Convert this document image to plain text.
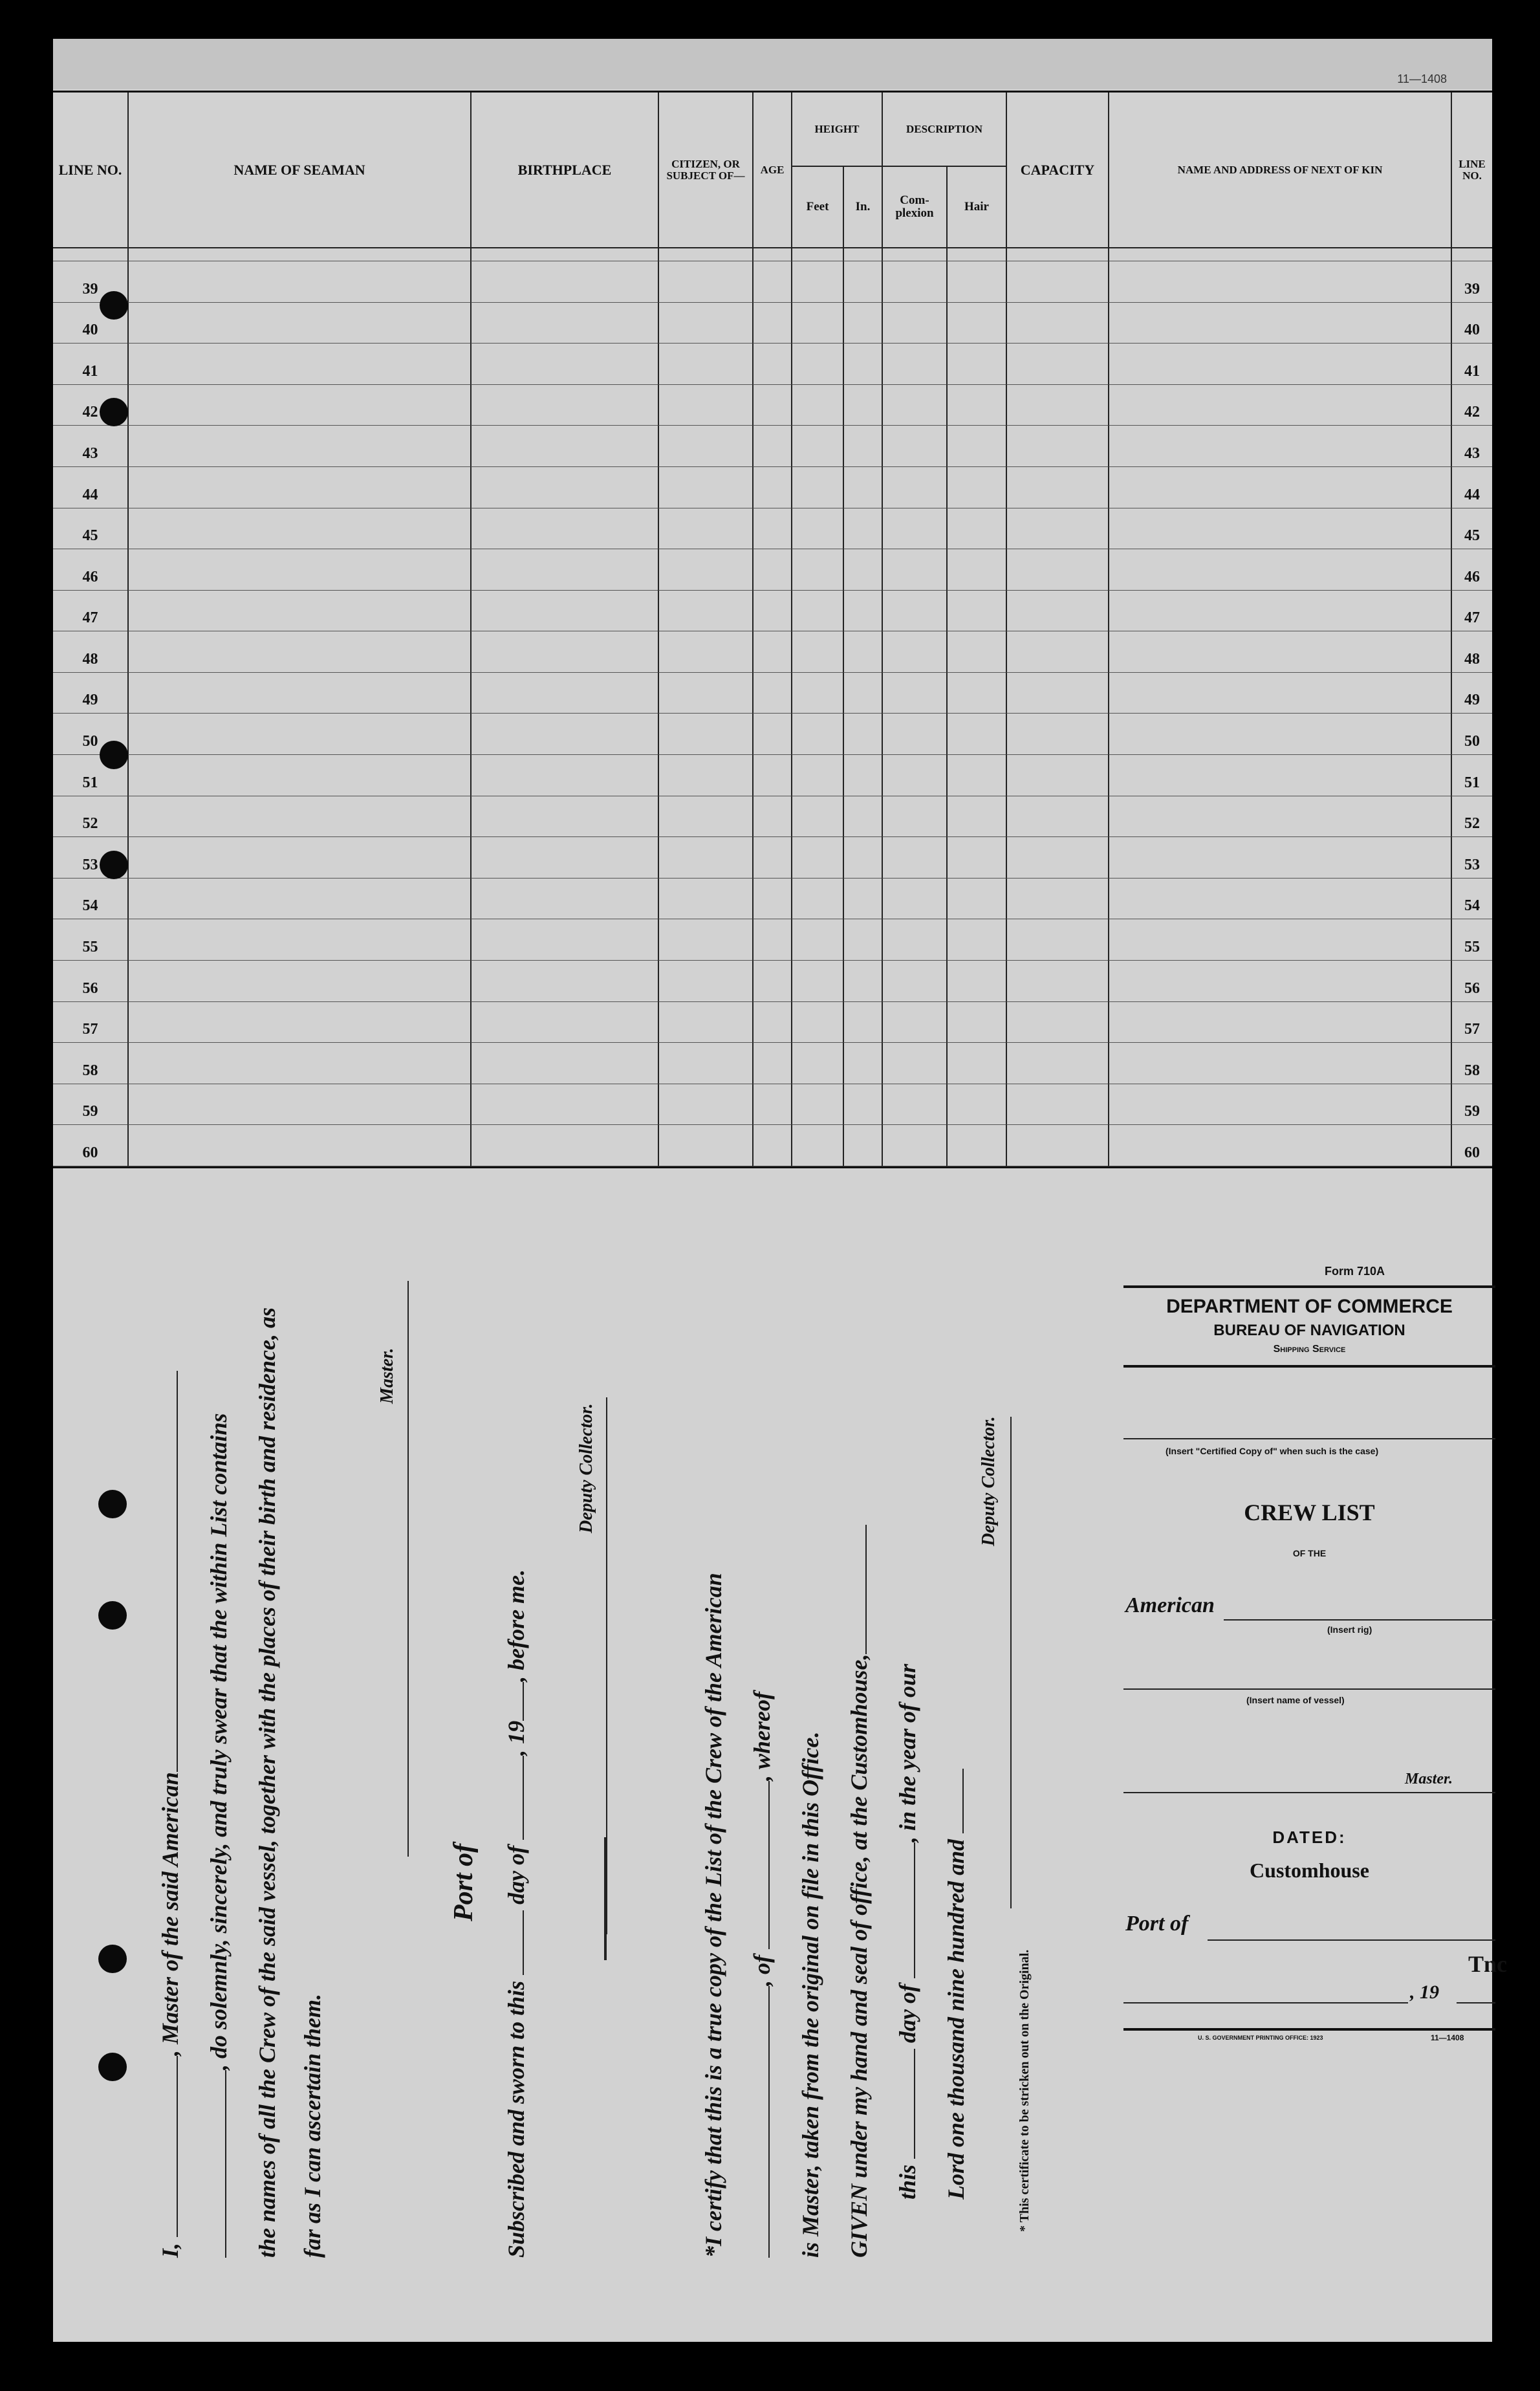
11—1408
LINE NO.	NAME OF SEAMAN	BIRTHPLACE	CITIZEN, OR SUBJECT OF—	AGE
HEIGHT
Feet	In.
DESCRIPTION
Com-plexion	Hair
CAPACITY	NAME AND ADDRESS OF NEXT OF KIN	LINE NO.
39	39
40	40
41	41
42	42
43	43
44	44
45	45
46	46
47	47
48	48
49	49
50	50
51	51
52	52
53	53
54	54
55	55
56	56
57	57
58	58
59	59
60	60
I, , Master of the said American , do solemnly, sincerely, and truly swear that the within List contains the names of all the Crew of the said vessel, together with the places of their birth and residence, as far as I can ascertain them.
Master.
Port of
Subscribed and sworn to this  day of , 19, before me.
Deputy Collector.
*I certify that this is a true copy of the List of the Crew of the American , of , whereof is Master, taken from the original on file in this Office. GIVEN under my hand and seal of office, at the Customhouse, this  day of , in the year of our
Lord one thousand nine hundred and
Deputy Collector.
* This certificate to be stricken out on the Original.
Form 710A
DEPARTMENT OF COMMERCE
BUREAU OF NAVIGATION
Shipping Service
(Insert "Certified Copy of" when such is the case)
CREW LIST
OF THE
American
(Insert rig)
(Insert name of vessel)
Master.
DATED:
Customhouse
Port of
, 19
Tnc
U. S. GOVERNMENT PRINTING OFFICE: 1923	11—1408
